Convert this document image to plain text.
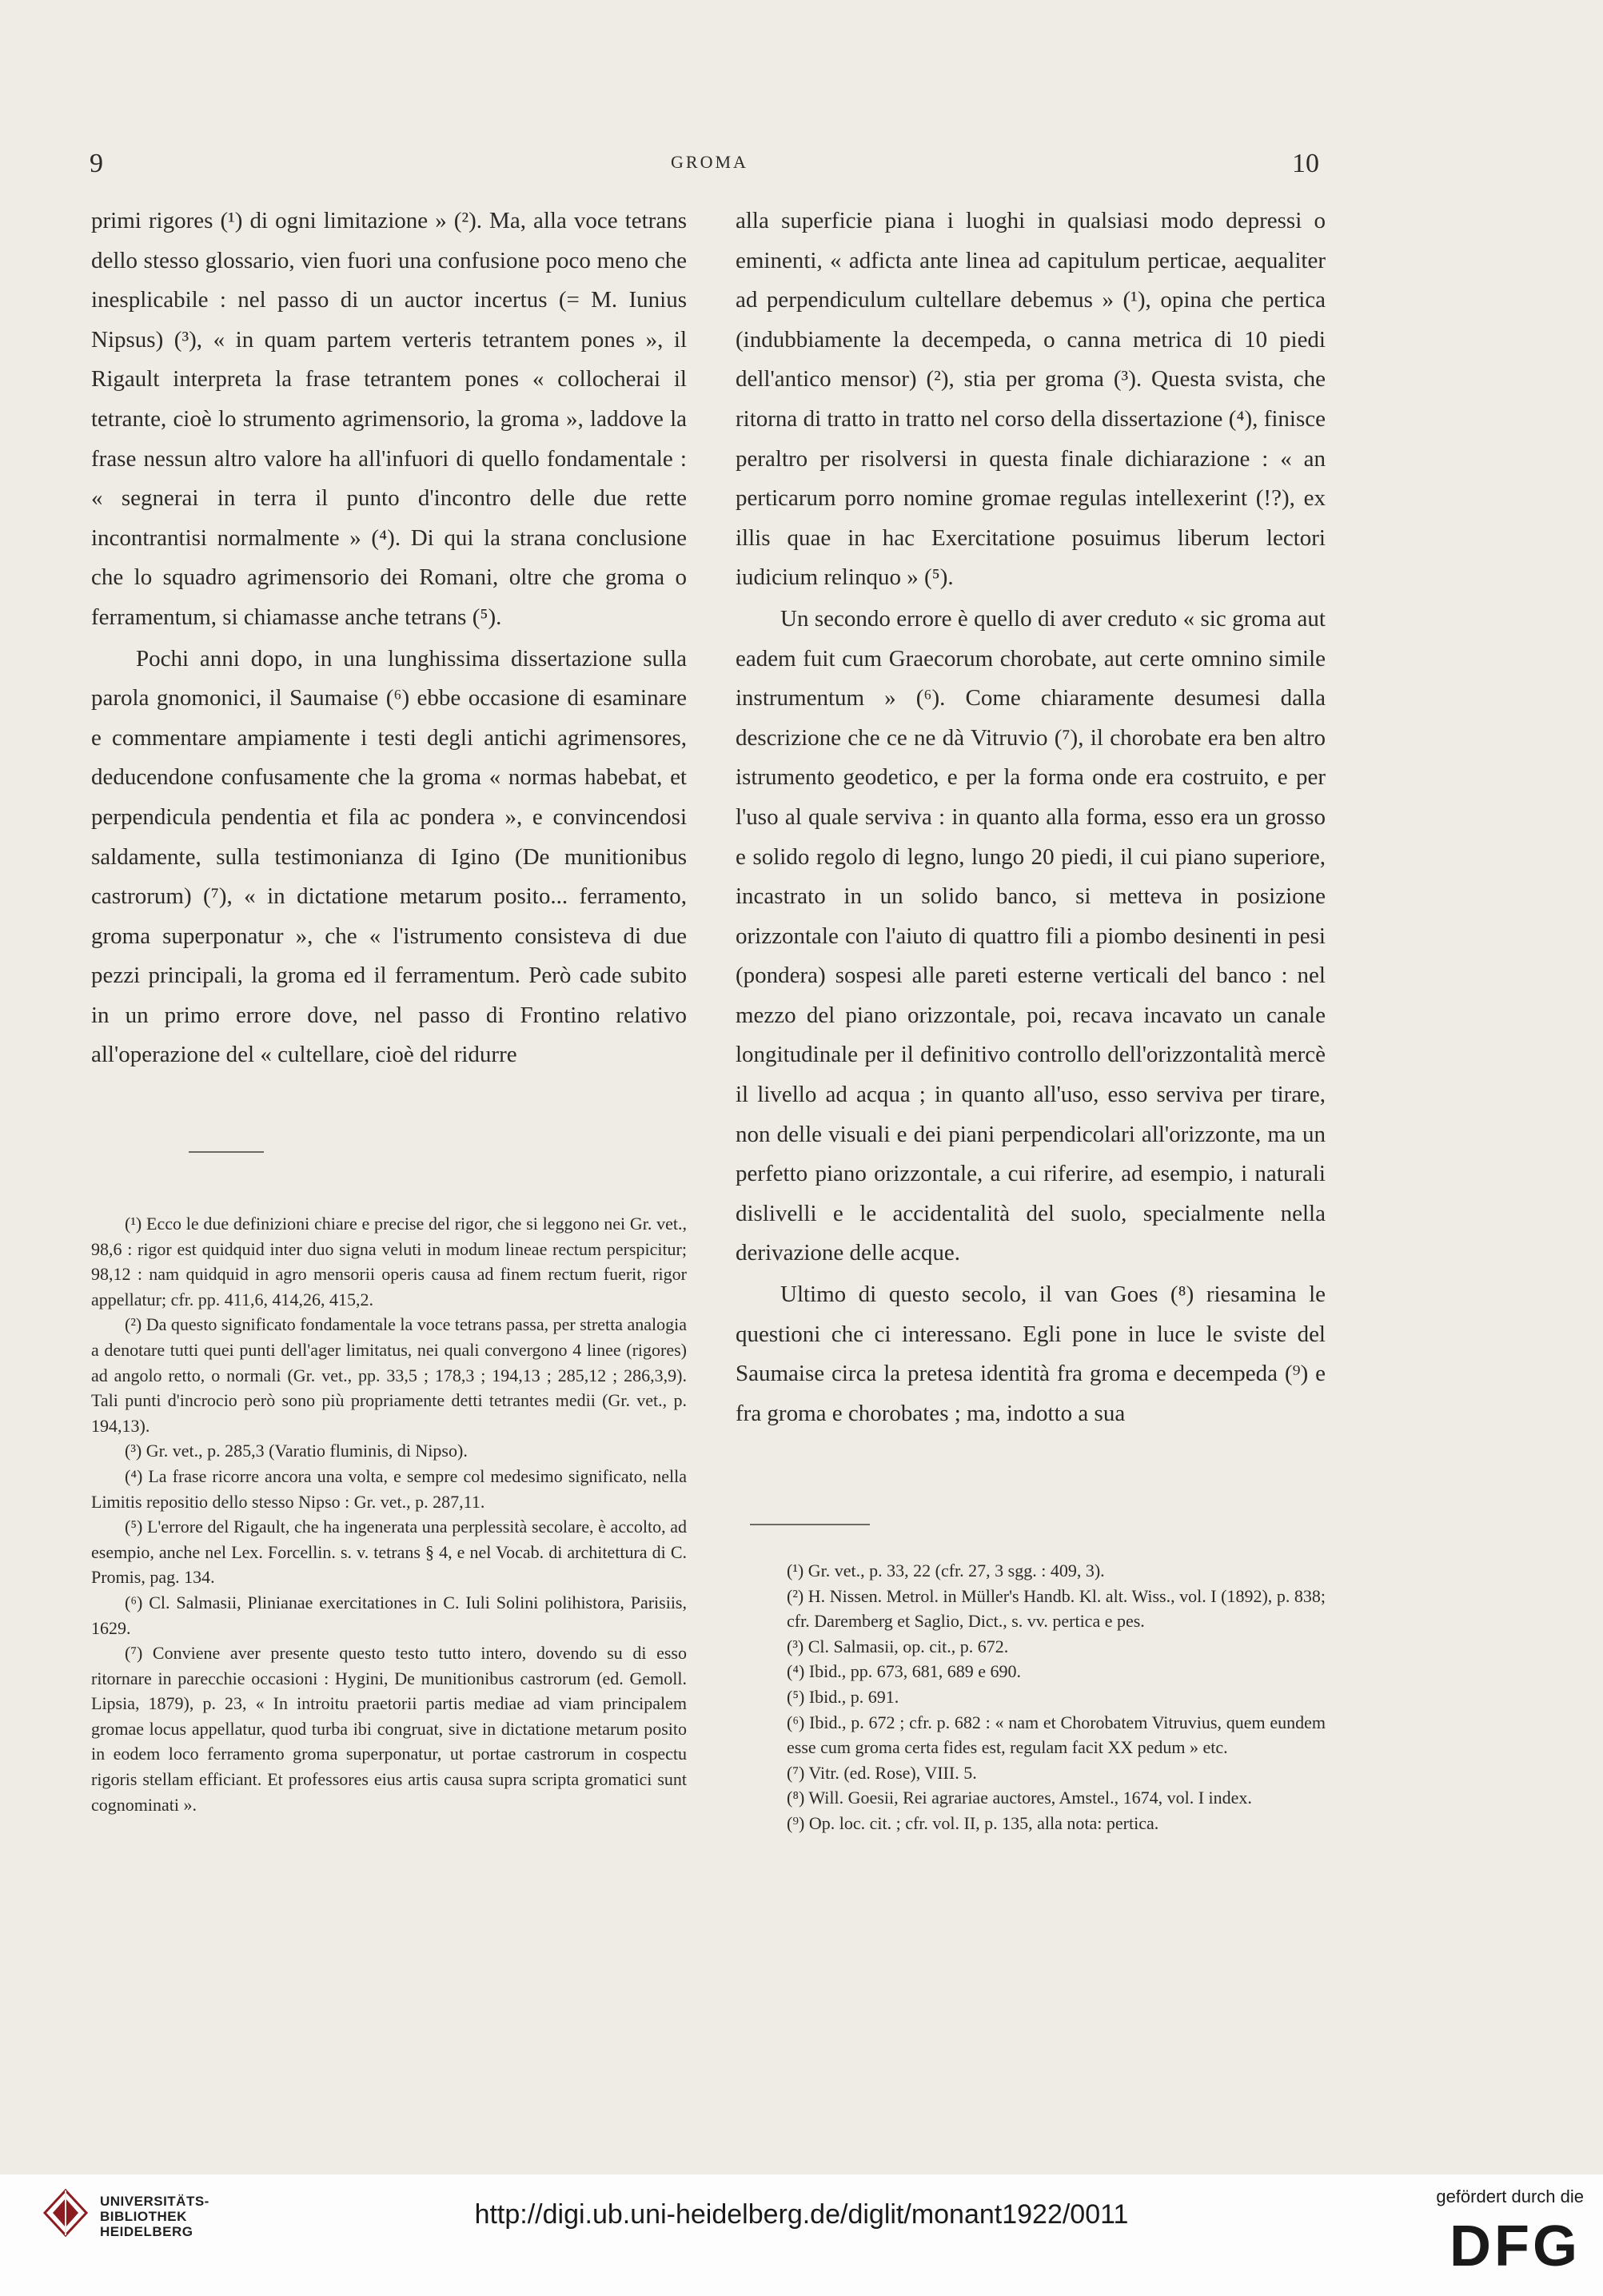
9	GROMA	10

primi rigores (¹) di ogni limitazione » (²). Ma, alla voce tetrans dello stesso glossario, vien fuori una confusione poco meno che inesplicabile : nel passo di un auctor incertus (= M. Iunius Nipsus) (³), « in quam partem verteris tetrantem pones », il Rigault interpreta la frase tetrantem pones « collocherai il tetrante, cioè lo strumento agrimensorio, la groma », laddove la frase nessun altro valore ha all'infuori di quello fondamentale : « segnerai in terra il punto d'incontro delle due rette incontrantisi normalmente » (⁴). Di qui la strana conclusione che lo squadro agrimensorio dei Romani, oltre che groma o ferramentum, si chiamasse anche tetrans (⁵).

Pochi anni dopo, in una lunghissima dissertazione sulla parola gnomonici, il Saumaise (⁶) ebbe occasione di esaminare e commentare ampiamente i testi degli antichi agrimensores, deducendone confusamente che la groma « normas habebat, et perpendicula pendentia et fila ac pondera », e convincendosi saldamente, sulla testimonianza di Igino (De munitionibus castrorum) (⁷), « in dictatione metarum posito... ferramento, groma superponatur », che « l'istrumento consisteva di due pezzi principali, la groma ed il ferramentum. Però cade subito in un primo errore dove, nel passo di Frontino relativo all'operazione del « cultellare, cioè del ridurre

alla superficie piana i luoghi in qualsiasi modo depressi o eminenti, « adficta ante linea ad capitulum perticae, aequaliter ad perpendiculum cultellare debemus » (¹), opina che pertica (indubbiamente la decempeda, o canna metrica di 10 piedi dell'antico mensor) (²), stia per groma (³). Questa svista, che ritorna di tratto in tratto nel corso della dissertazione (⁴), finisce peraltro per risolversi in questa finale dichiarazione : « an perticarum porro nomine gromae regulas intellexerint (!?), ex illis quae in hac Exercitatione posuimus liberum lectori iudicium relinquo » (⁵).

Un secondo errore è quello di aver creduto « sic groma aut eadem fuit cum Graecorum chorobate, aut certe omnino simile instrumentum » (⁶). Come chiaramente desumesi dalla descrizione che ce ne dà Vitruvio (⁷), il chorobate era ben altro istrumento geodetico, e per la forma onde era costruito, e per l'uso al quale serviva : in quanto alla forma, esso era un grosso e solido regolo di legno, lungo 20 piedi, il cui piano superiore, incastrato in un solido banco, si metteva in posizione orizzontale con l'aiuto di quattro fili a piombo desinenti in pesi (pondera) sospesi alle pareti esterne verticali del banco : nel mezzo del piano orizzontale, poi, recava incavato un canale longitudinale per il definitivo controllo dell'orizzontalità mercè il livello ad acqua ; in quanto all'uso, esso serviva per tirare, non delle visuali e dei piani perpendicolari all'orizzonte, ma un perfetto piano orizzontale, a cui riferire, ad esempio, i naturali dislivelli e le accidentalità del suolo, specialmente nella derivazione delle acque.

Ultimo di questo secolo, il van Goes (⁸) riesamina le questioni che ci interessano. Egli pone in luce le sviste del Saumaise circa la pretesa identità fra groma e decempeda (⁹) e fra groma e chorobates ; ma, indotto a sua

(¹) Ecco le due definizioni chiare e precise del rigor, che si leggono nei Gr. vet., 98,6 : rigor est quidquid inter duo signa veluti in modum lineae rectum perspicitur; 98,12 : nam quidquid in agro mensorii operis causa ad finem rectum fuerit, rigor appellatur; cfr. pp. 411,6, 414,26, 415,2.

(²) Da questo significato fondamentale la voce tetrans passa, per stretta analogia a denotare tutti quei punti dell'ager limitatus, nei quali convergono 4 linee (rigores) ad angolo retto, o normali (Gr. vet., pp. 33,5 ; 178,3 ; 194,13 ; 285,12 ; 286,3,9). Tali punti d'incrocio però sono più propriamente detti tetrantes medii (Gr. vet., p. 194,13).

(³) Gr. vet., p. 285,3 (Varatio fluminis, di Nipso).

(⁴) La frase ricorre ancora una volta, e sempre col medesimo significato, nella Limitis repositio dello stesso Nipso : Gr. vet., p. 287,11.

(⁵) L'errore del Rigault, che ha ingenerata una perplessità secolare, è accolto, ad esempio, anche nel Lex. Forcellin. s. v. tetrans § 4, e nel Vocab. di architettura di C. Promis, pag. 134.

(⁶) Cl. Salmasii, Plinianae exercitationes in C. Iuli Solini polihistora, Parisiis, 1629.

(⁷) Conviene aver presente questo testo tutto intero, dovendo su di esso ritornare in parecchie occasioni : Hygini, De munitionibus castrorum (ed. Gemoll. Lipsia, 1879), p. 23, « In introitu praetorii partis mediae ad viam principalem gromae locus appellatur, quod turba ibi congruat, sive in dictatione metarum posito in eodem loco ferramento groma superponatur, ut portae castrorum in cospectu rigoris stellam efficiant. Et professores eius artis causa supra scripta gromatici sunt cognominati ».

(¹) Gr. vet., p. 33, 22 (cfr. 27, 3 sgg. : 409, 3).

(²) H. Nissen. Metrol. in Müller's Handb. Kl. alt. Wiss., vol. I (1892), p. 838; cfr. Daremberg et Saglio, Dict., s. vv. pertica e pes.

(³) Cl. Salmasii, op. cit., p. 672.

(⁴) Ibid., pp. 673, 681, 689 e 690.

(⁵) Ibid., p. 691.

(⁶) Ibid., p. 672 ; cfr. p. 682 : « nam et Chorobatem Vitruvius, quem eundem esse cum groma certa fides est, regulam facit XX pedum » etc.

(⁷) Vitr. (ed. Rose), VIII. 5.

(⁸) Will. Goesii, Rei agrariae auctores, Amstel., 1674, vol. I index.

(⁹) Op. loc. cit. ; cfr. vol. II, p. 135, alla nota: pertica.

UNIVERSITÄTS-
BIBLIOTHEK
HEIDELBERG
http://digi.ub.uni-heidelberg.de/diglit/monant1922/0011
gefördert durch die
DFG
